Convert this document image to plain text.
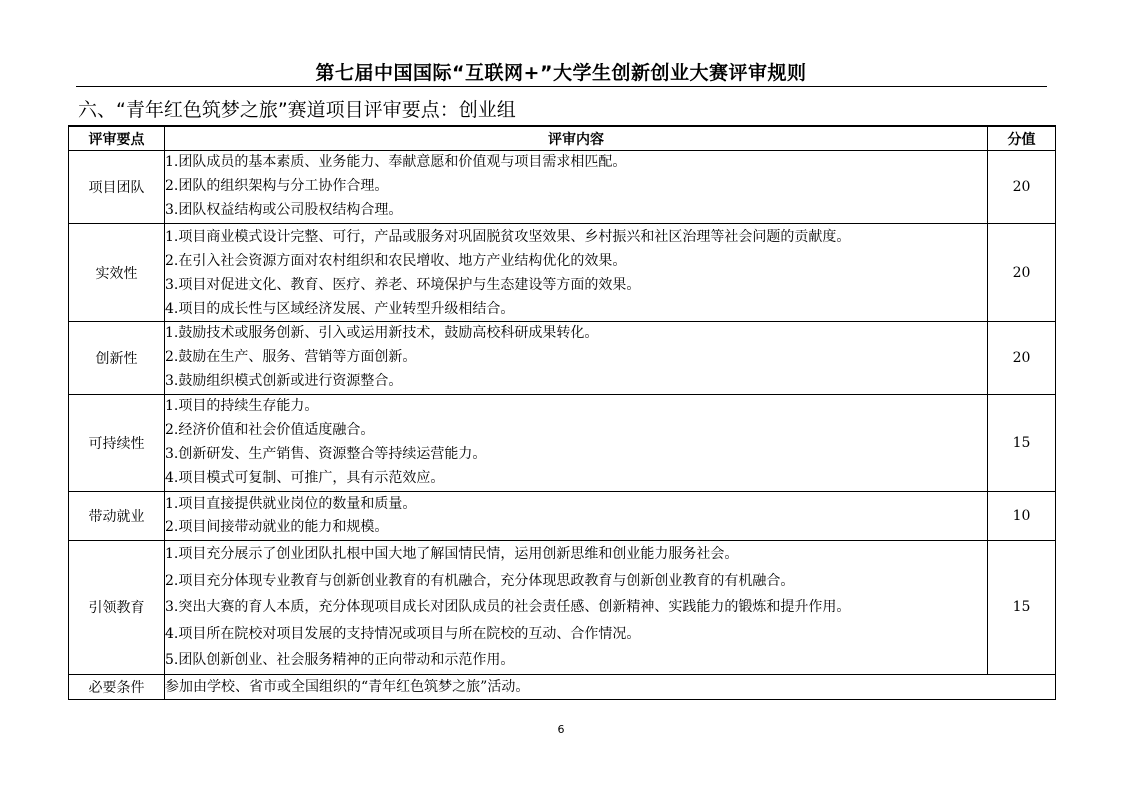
第七届中国国际“互联网+”大学生创新创业大赛评审规则
六、“青年红色筑梦之旅”赛道项目评审要点：创业组
评审要点	评审内容	分值
项目团队	1.团队成员的基本素质、业务能力、奉献意愿和价值观与项目需求相匹配。
2.团队的组织架构与分工协作合理。
3.团队权益结构或公司股权结构合理。	20
实效性	1.项目商业模式设计完整、可行，产品或服务对巩固脱贫攻坚效果、乡村振兴和社区治理等社会问题的贡献度。
2.在引入社会资源方面对农村组织和农民增收、地方产业结构优化的效果。
3.项目对促进文化、教育、医疗、养老、环境保护与生态建设等方面的效果。
4.项目的成长性与区域经济发展、产业转型升级相结合。	20
创新性	1.鼓励技术或服务创新、引入或运用新技术，鼓励高校科研成果转化。
2.鼓励在生产、服务、营销等方面创新。
3.鼓励组织模式创新或进行资源整合。	20
可持续性	1.项目的持续生存能力。
2.经济价值和社会价值适度融合。
3.创新研发、生产销售、资源整合等持续运营能力。
4.项目模式可复制、可推广，具有示范效应。	15
带动就业	1.项目直接提供就业岗位的数量和质量。
2.项目间接带动就业的能力和规模。	10
引领教育	1.项目充分展示了创业团队扎根中国大地了解国情民情，运用创新思维和创业能力服务社会。
2.项目充分体现专业教育与创新创业教育的有机融合，充分体现思政教育与创新创业教育的有机融合。
3.突出大赛的育人本质，充分体现项目成长对团队成员的社会责任感、创新精神、实践能力的锻炼和提升作用。
4.项目所在院校对项目发展的支持情况或项目与所在院校的互动、合作情况。
5.团队创新创业、社会服务精神的正向带动和示范作用。	15
必要条件	参加由学校、省市或全国组织的“青年红色筑梦之旅”活动。	
6
